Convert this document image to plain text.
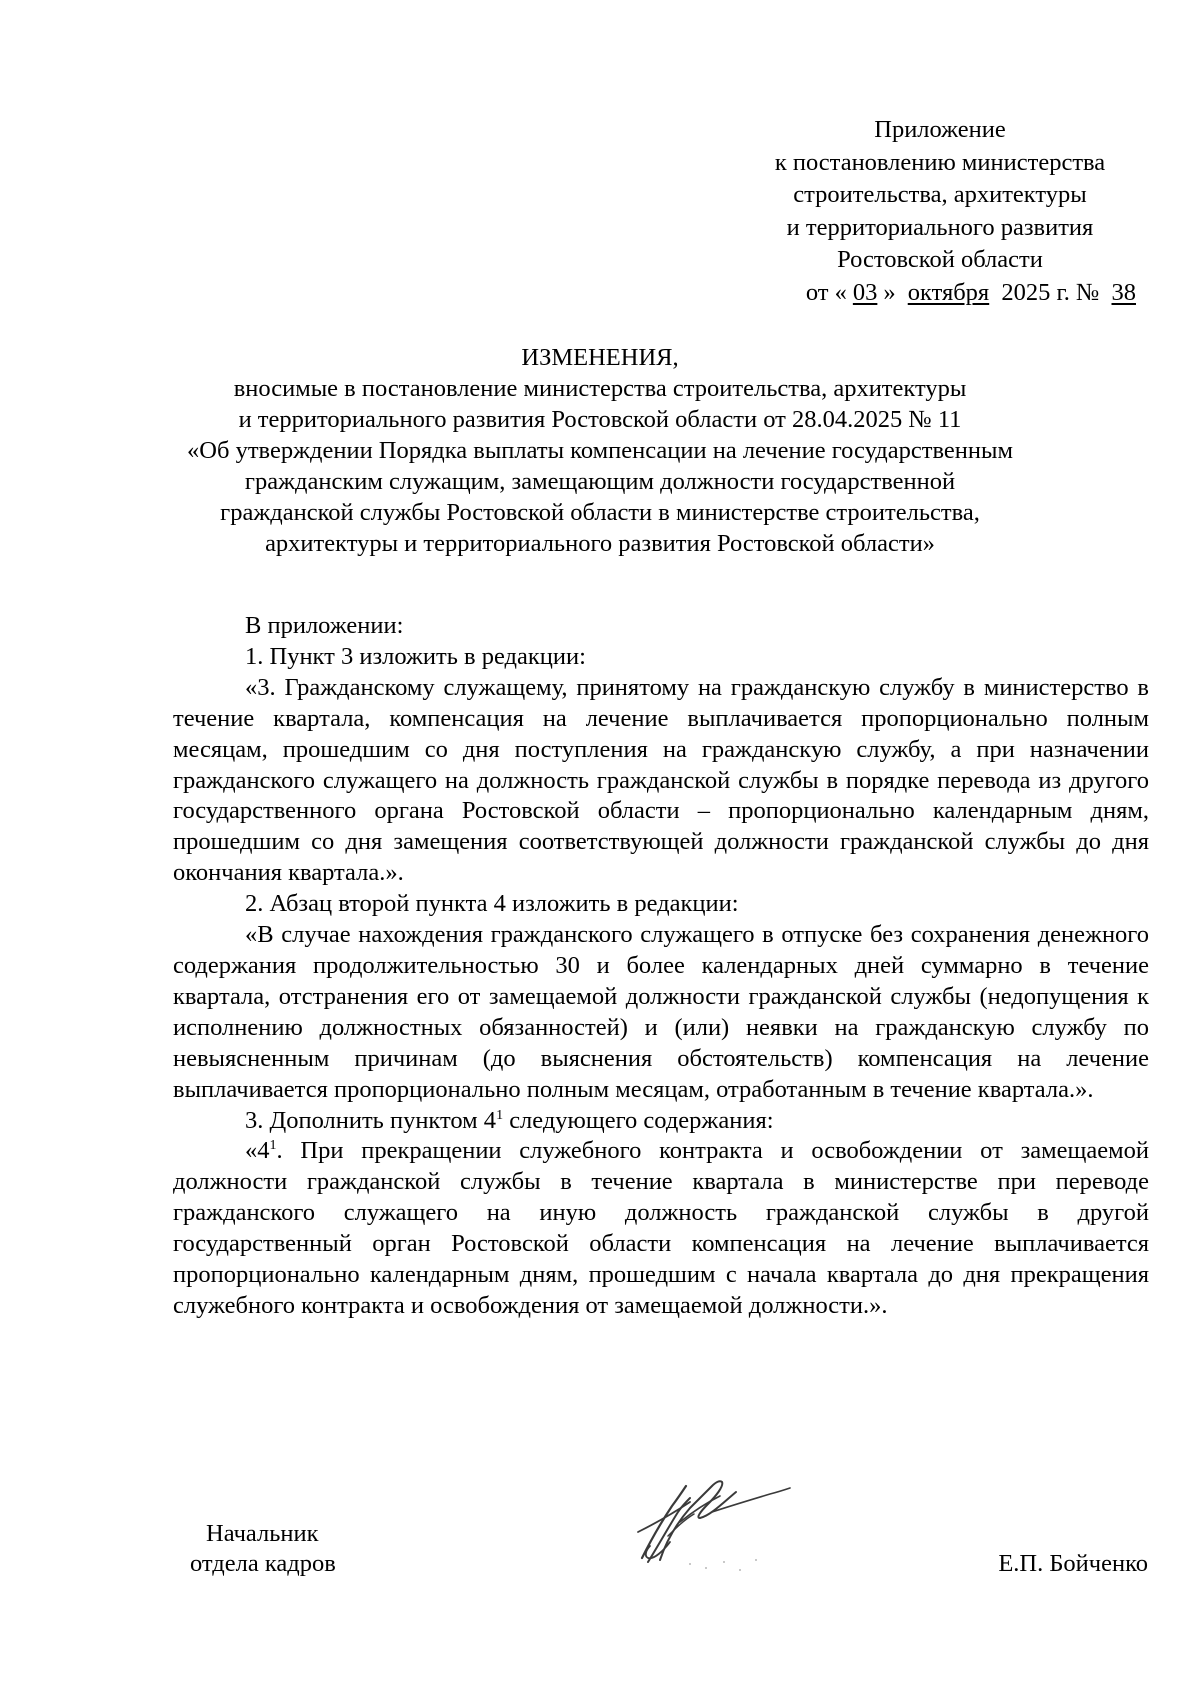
Приложение
к постановлению министерства
строительства, архитектуры
и территориального развития
Ростовской области
от « 03 » октября 2025 г. № 38
ИЗМЕНЕНИЯ,
вносимые в постановление министерства строительства, архитектуры
и территориального развития Ростовской области от 28.04.2025 № 11
«Об утверждении Порядка выплаты компенсации на лечение государственным
гражданским служащим, замещающим должности государственной
гражданской службы Ростовской области в министерстве строительства,
архитектуры и территориального развития Ростовской области»

В приложении:

1. Пункт 3 изложить в редакции:

«3. Гражданскому служащему, принятому на гражданскую службу в министерство в течение квартала, компенсация на лечение выплачивается пропорционально полным месяцам, прошедшим со дня поступления на гражданскую службу, а при назначении гражданского служащего на должность гражданской службы в порядке перевода из другого государственного органа Ростовской области – пропорционально календарным дням, прошедшим со дня замещения соответствующей должности гражданской службы до дня окончания квартала.».

2. Абзац второй пункта 4 изложить в редакции:

«В случае нахождения гражданского служащего в отпуске без сохранения денежного содержания продолжительностью 30 и более календарных дней суммарно в течение квартала, отстранения его от замещаемой должности гражданской службы (недопущения к исполнению должностных обязанностей) и (или) неявки на гражданскую службу по невыясненным причинам (до выяснения обстоятельств) компенсация на лечение выплачивается пропорционально полным месяцам, отработанным в течение квартала.».

3. Дополнить пунктом $4^1$ следующего содержания:

«$4^1$. При прекращении служебного контракта и освобождении от замещаемой должности гражданской службы в течение квартала в министерстве при переводе гражданского служащего на иную должность гражданской службы в другой государственный орган Ростовской области компенсация на лечение выплачивается пропорционально календарным дням, прошедшим с начала квартала до дня прекращения служебного контракта и освобождения от замещаемой должности.».

Начальник
отдела кадров	Е.П. Бойченко
